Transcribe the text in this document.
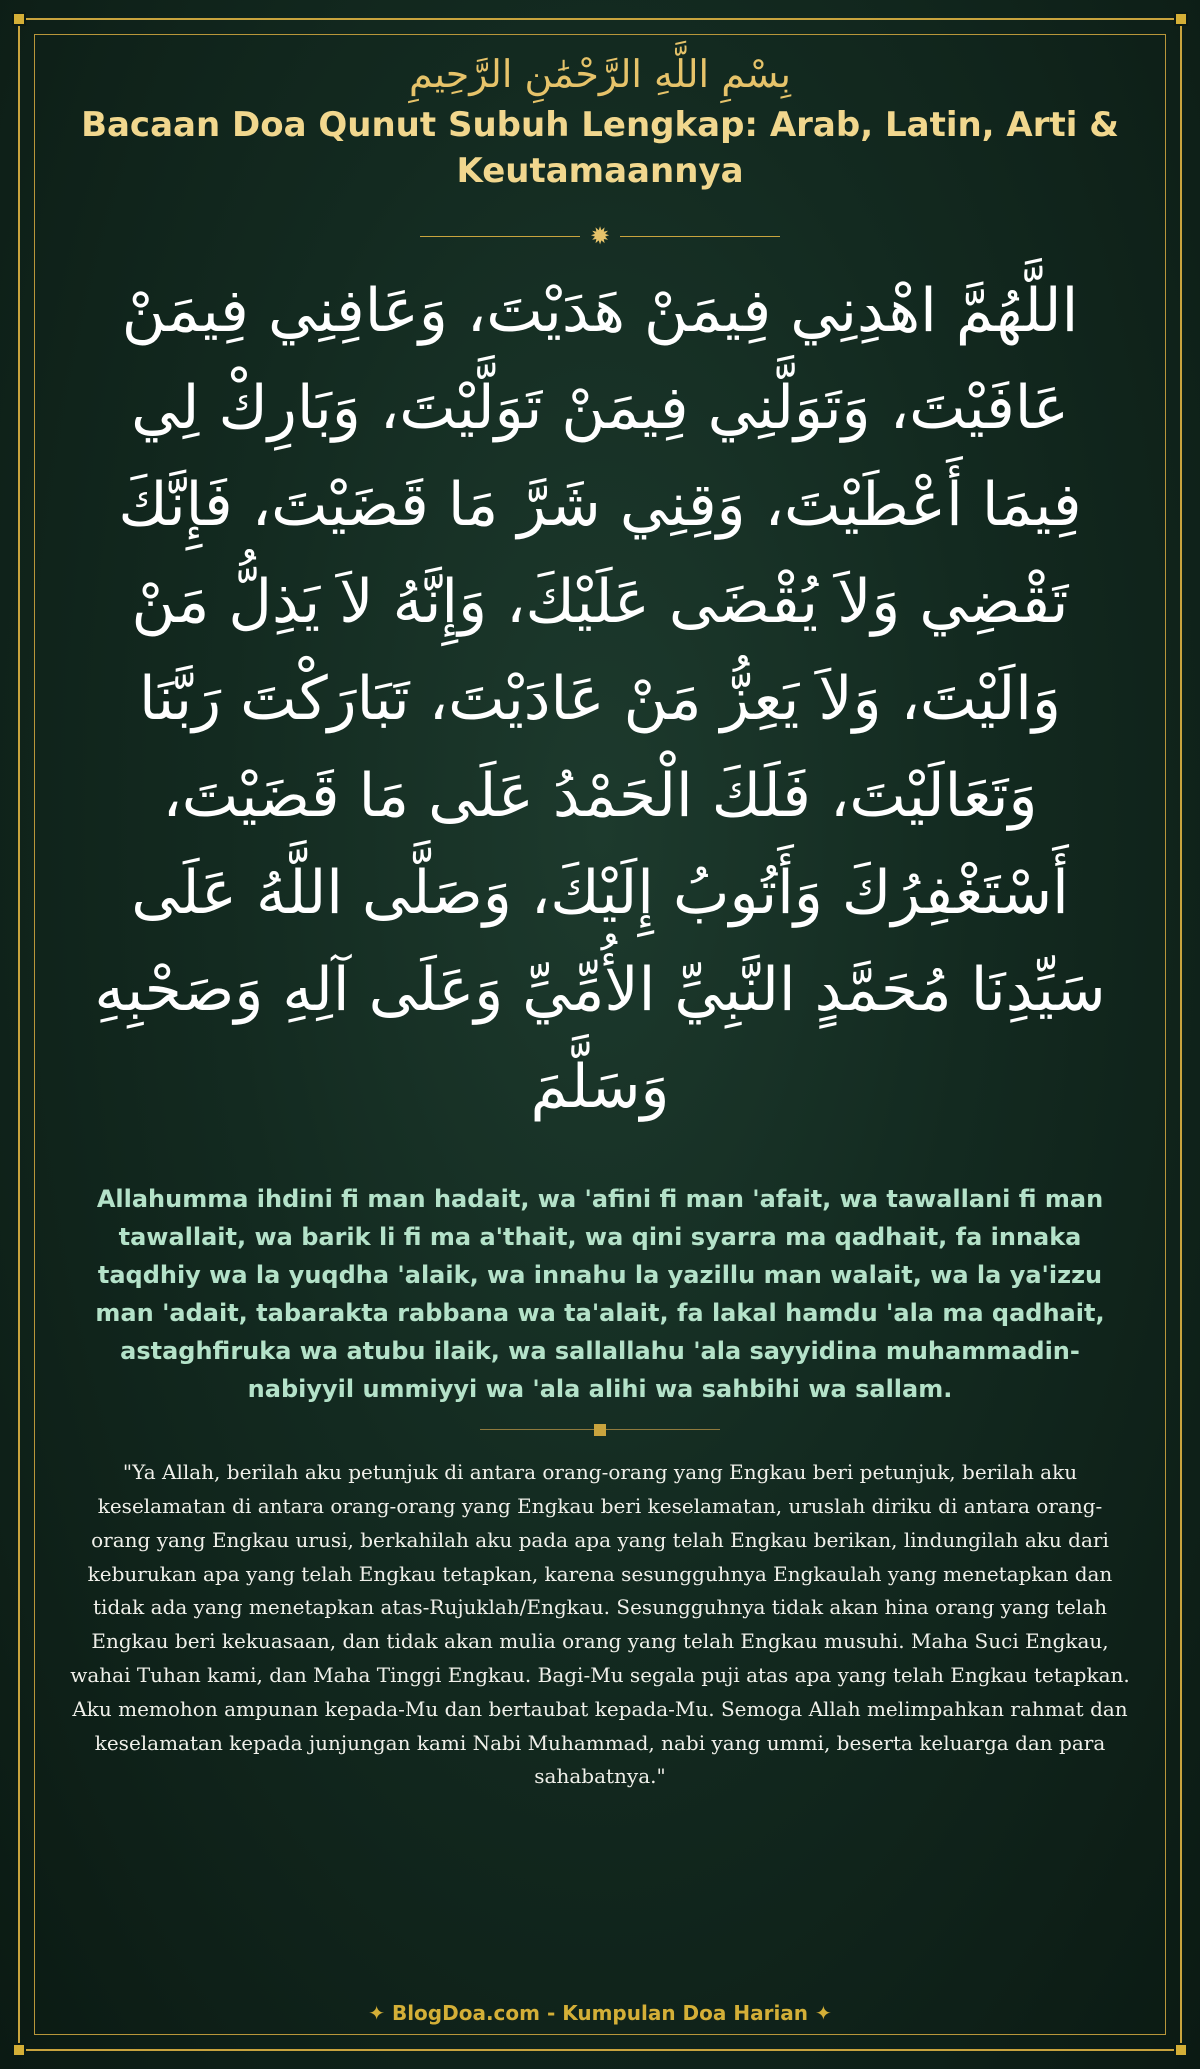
بِسْمِ اللَّهِ الرَّحْمَٰنِ الرَّحِيمِ

Bacaan Doa Qunut Subuh Lengkap: Arab, Latin, Arti & Keutamaannya
✹

اللَّهُمَّ اهْدِنِي فِيمَنْ هَدَيْتَ، وَعَافِنِي فِيمَنْ عَافَيْتَ، وَتَوَلَّنِي فِيمَنْ تَوَلَّيْتَ، وَبَارِكْ لِي فِيمَا أَعْطَيْتَ، وَقِنِي شَرَّ مَا قَضَيْتَ، فَإِنَّكَ تَقْضِي وَلاَ يُقْضَى عَلَيْكَ، وَإِنَّهُ لاَ يَذِلُّ مَنْ وَالَيْتَ، وَلاَ يَعِزُّ مَنْ عَادَيْتَ، تَبَارَكْتَ رَبَّنَا وَتَعَالَيْتَ، فَلَكَ الْحَمْدُ عَلَى مَا قَضَيْتَ، أَسْتَغْفِرُكَ وَأَتُوبُ إِلَيْكَ، وَصَلَّى اللَّهُ عَلَى سَيِّدِنَا مُحَمَّدٍ النَّبِيِّ الأُمِّيِّ وَعَلَى آلِهِ وَصَحْبِهِ وَسَلَّمَ

Allahumma ihdini fi man hadait, wa 'afini fi man 'afait, wa tawallani fi man tawallait, wa barik li fi ma a'thait, wa qini syarra ma qadhait, fa innaka taqdhiy wa la yuqdha 'alaik, wa innahu la yazillu man walait, wa la ya'izzu man 'adait, tabarakta rabbana wa ta'alait, fa lakal hamdu 'ala ma qadhait, astaghfiruka wa atubu ilaik, wa sallallahu 'ala sayyidina muhammadin-nabiyyil ummiyyi wa 'ala alihi wa sahbihi wa sallam.

"Ya Allah, berilah aku petunjuk di antara orang-orang yang Engkau beri petunjuk, berilah aku keselamatan di antara orang-orang yang Engkau beri keselamatan, uruslah diriku di antara orang-orang yang Engkau urusi, berkahilah aku pada apa yang telah Engkau berikan, lindungilah aku dari keburukan apa yang telah Engkau tetapkan, karena sesungguhnya Engkaulah yang menetapkan dan tidak ada yang menetapkan atas-Rujuklah/Engkau. Sesungguhnya tidak akan hina orang yang telah Engkau beri kekuasaan, dan tidak akan mulia orang yang telah Engkau musuhi. Maha Suci Engkau, wahai Tuhan kami, dan Maha Tinggi Engkau. Bagi-Mu segala puji atas apa yang telah Engkau tetapkan. Aku memohon ampunan kepada-Mu dan bertaubat kepada-Mu. Semoga Allah melimpahkan rahmat dan keselamatan kepada junjungan kami Nabi Muhammad, nabi yang ummi, beserta keluarga dan para sahabatnya."

✦ BlogDoa.com - Kumpulan Doa Harian ✦
